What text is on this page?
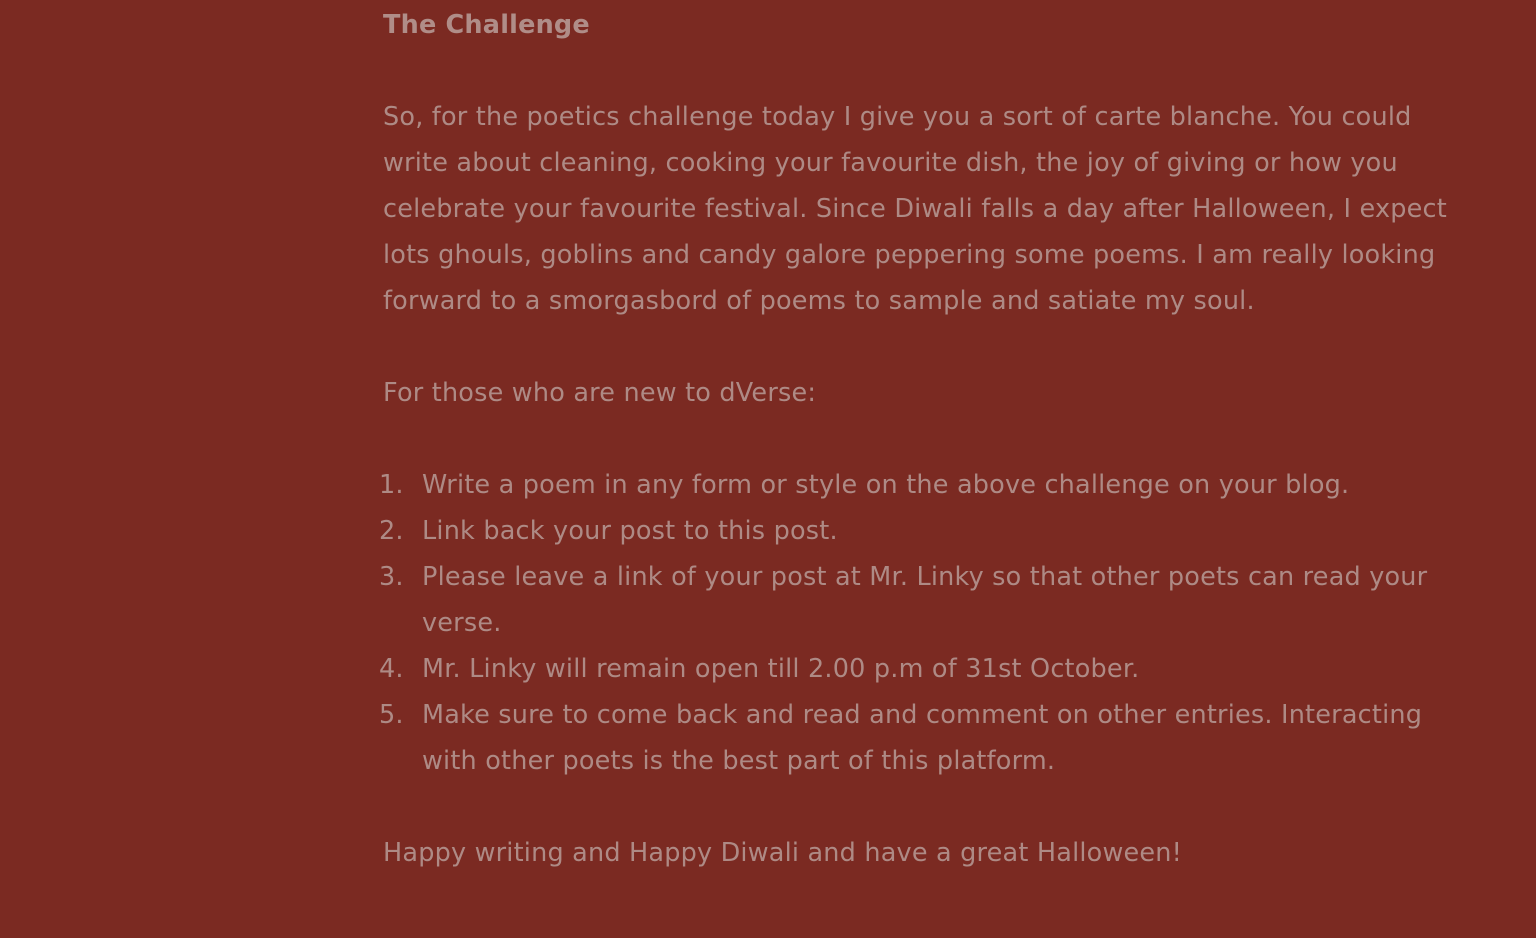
The Challenge

So, for the poetics challenge today I give you a sort of carte blanche. You could write about cleaning, cooking your favourite dish, the joy of giving or how you celebrate your favourite festival. Since Diwali falls a day after Halloween, I expect lots ghouls, goblins and candy galore peppering some poems. I am really looking forward to a smorgasbord of poems to sample and satiate my soul.

For those who are new to dVerse:

1. Write a poem in any form or style on the above challenge on your blog.
2. Link back your post to this post.
3. Please leave a link of your post at Mr. Linky so that other poets can read your verse.
4. Mr. Linky will remain open till 2.00 p.m of 31st October.
5. Make sure to come back and read and comment on other entries. Interacting with other poets is the best part of this platform.

Happy writing and Happy Diwali and have a great Halloween!
